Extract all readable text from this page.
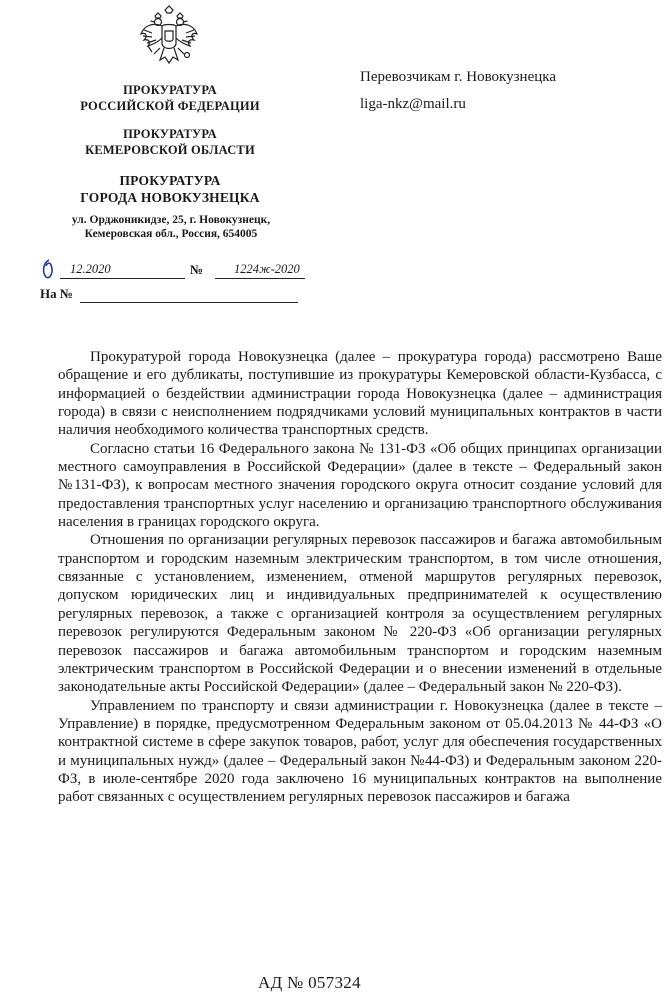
ПРОКУРАТУРА
РОССИЙСКОЙ ФЕДЕРАЦИИ
ПРОКУРАТУРА
КЕМЕРОВСКОЙ ОБЛАСТИ
ПРОКУРАТУРА
ГОРОДА НОВОКУЗНЕЦКА
ул. Орджоникидзе, 25, г. Новокузнецк,
Кемеровская обл., Россия, 654005
12.2020	№ 1224ж-2020
На №
Перевозчикам г. Новокузнецка
liga-nkz@mail.ru

Прокуратурой города Новокузнецка (далее – прокуратура города) рассмотрено Ваше обращение и его дубликаты, поступившие из прокуратуры Кемеровской области-Кузбасса, с информацией о бездействии администрации города Новокузнецка (далее – администрация города) в связи с неисполнением подрядчиками условий муниципальных контрактов в части наличия необходимого количества транспортных средств.

Согласно статьи 16 Федерального закона № 131-ФЗ «Об общих принципах организации местного самоуправления в Российской Федерации» (далее в тексте – Федеральный закон №131-ФЗ), к вопросам местного значения городского округа относит создание условий для предоставления транспортных услуг населению и организацию транспортного обслуживания населения в границах городского округа.

Отношения по организации регулярных перевозок пассажиров и багажа автомобильным транспортом и городским наземным электрическим транспортом, в том числе отношения, связанные с установлением, изменением, отменой маршрутов регулярных перевозок, допуском юридических лиц и индивидуальных предпринимателей к осуществлению регулярных перевозок, а также с организацией контроля за осуществлением регулярных перевозок регулируются Федеральным законом № 220-ФЗ «Об организации регулярных перевозок пассажиров и багажа автомобильным транспортом и городским наземным электрическим транспортом в Российской Федерации и о внесении изменений в отдельные законодательные акты Российской Федерации» (далее – Федеральный закон № 220-ФЗ).

Управлением по транспорту и связи администрации г. Новокузнецка (далее в тексте – Управление) в порядке, предусмотренном Федеральным законом от 05.04.2013 № 44-ФЗ «О контрактной системе в сфере закупок товаров, работ, услуг для обеспечения государственных и муниципальных нужд» (далее – Федеральный закон №44-ФЗ) и Федеральным законом 220-ФЗ, в июле-сентябре 2020 года заключено 16 муниципальных контрактов на выполнение работ связанных с осуществлением регулярных перевозок пассажиров и багажа

АД № 057324
